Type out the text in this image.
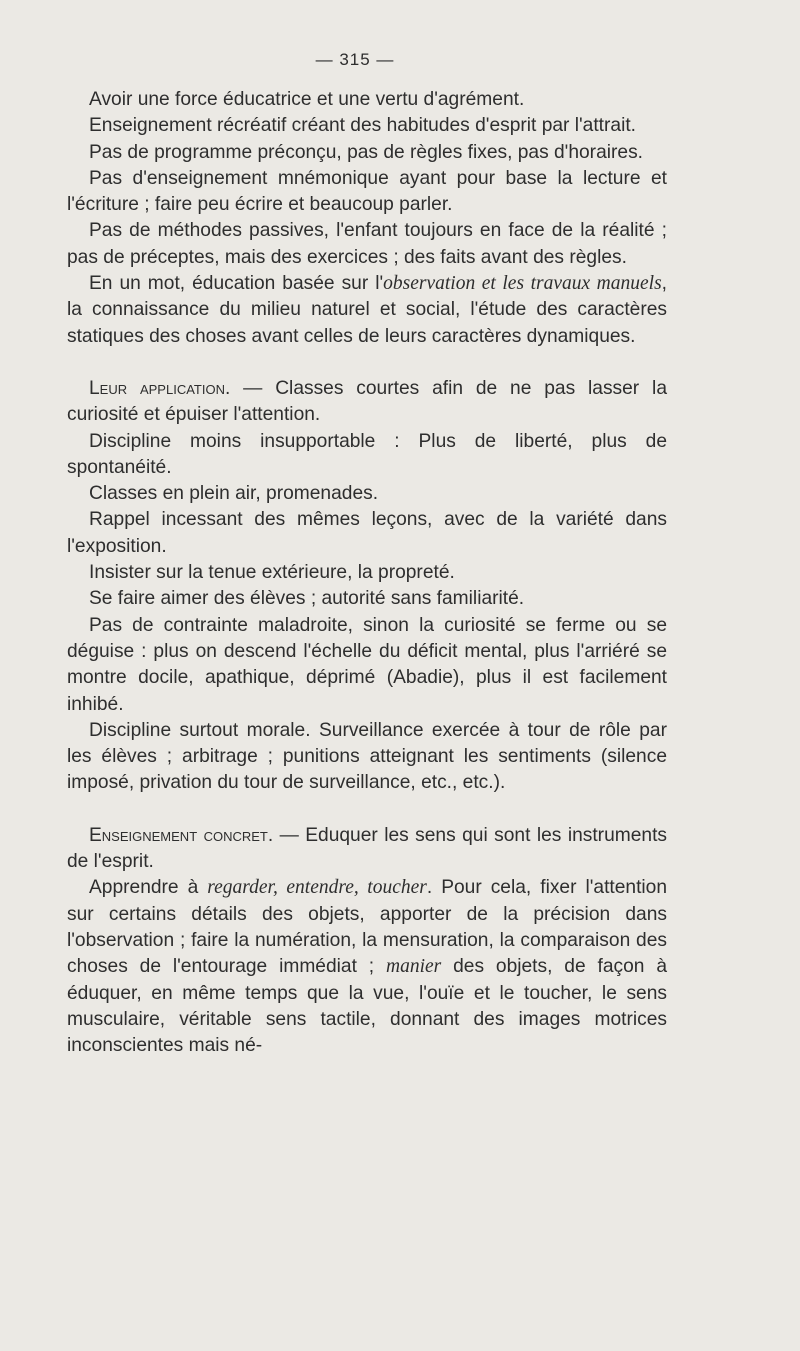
— 315 —

Avoir une force éducatrice et une vertu d'agrément.

Enseignement récréatif créant des habitudes d'esprit par l'attrait.

Pas de programme préconçu, pas de règles fixes, pas d'horaires.

Pas d'enseignement mnémonique ayant pour base la lecture et l'écriture ; faire peu écrire et beaucoup parler.

Pas de méthodes passives, l'enfant toujours en face de la réalité ; pas de préceptes, mais des exercices ; des faits avant des règles.

En un mot, éducation basée sur l'observation et les travaux manuels, la connaissance du milieu naturel et social, l'étude des caractères statiques des choses avant celles de leurs caractères dynamiques.

Leur application. — Classes courtes afin de ne pas lasser la curiosité et épuiser l'attention.

Discipline moins insupportable : Plus de liberté, plus de spontanéité.

Classes en plein air, promenades.

Rappel incessant des mêmes leçons, avec de la variété dans l'exposition.

Insister sur la tenue extérieure, la propreté.

Se faire aimer des élèves ; autorité sans familiarité.

Pas de contrainte maladroite, sinon la curiosité se ferme ou se déguise : plus on descend l'échelle du déficit mental, plus l'arriéré se montre docile, apathique, déprimé (Abadie), plus il est facilement inhibé.

Discipline surtout morale. Surveillance exercée à tour de rôle par les élèves ; arbitrage ; punitions atteignant les sentiments (silence imposé, privation du tour de surveillance, etc., etc.).

Enseignement concret. — Eduquer les sens qui sont les instruments de l'esprit.

Apprendre à regarder, entendre, toucher. Pour cela, fixer l'attention sur certains détails des objets, apporter de la précision dans l'observation ; faire la numération, la mensuration, la comparaison des choses de l'entourage immédiat ; manier des objets, de façon à éduquer, en même temps que la vue, l'ouïe et le toucher, le sens musculaire, véritable sens tactile, donnant des images motrices inconscientes mais né-
